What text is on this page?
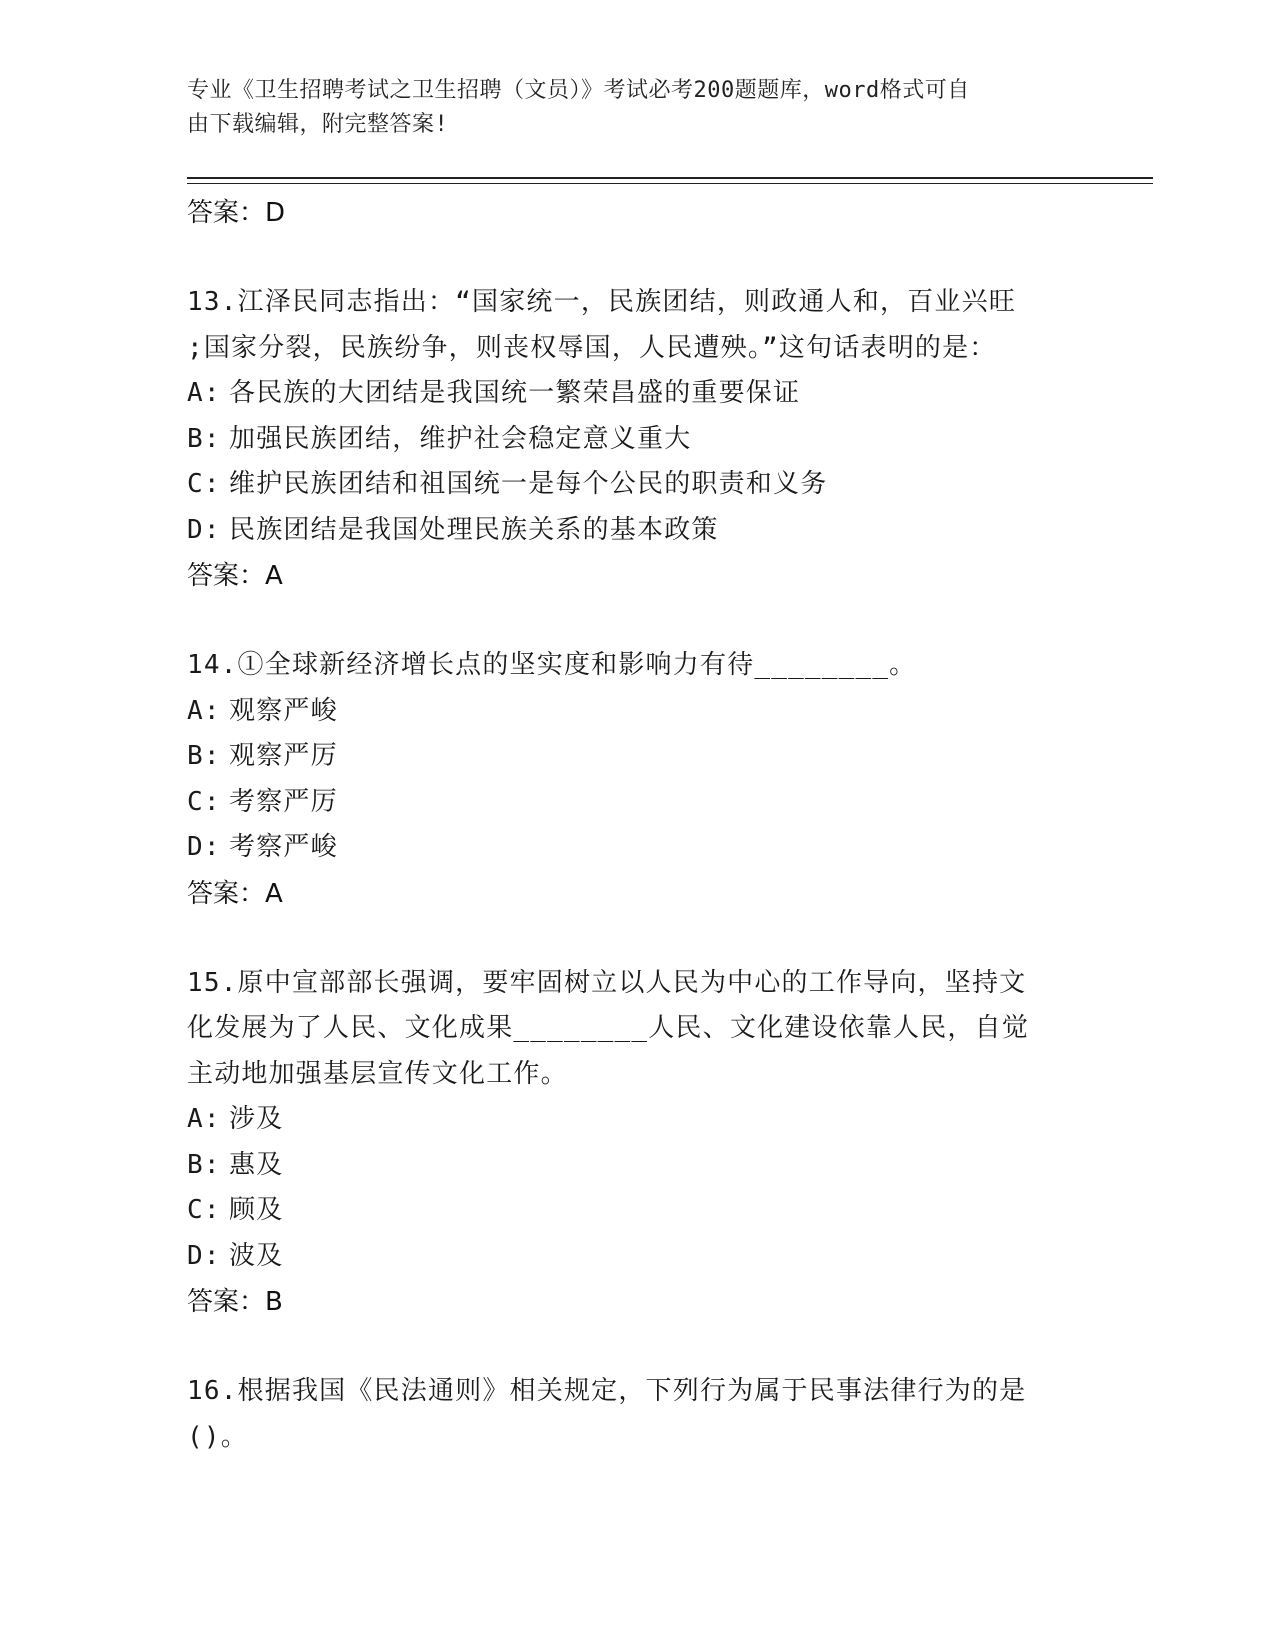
专业《卫生招聘考试之卫生招聘（文员）》考试必考200题题库，word格式可自
由下载编辑，附完整答案!
答案：D
13.江泽民同志指出：“国家统一，民族团结，则政通人和，百业兴旺
;国家分裂，民族纷争，则丧权辱国，人民遭殃。”这句话表明的是：
A: 各民族的大团结是我国统一繁荣昌盛的重要保证
B: 加强民族团结，维护社会稳定意义重大
C: 维护民族团结和祖国统一是每个公民的职责和义务
D: 民族团结是我国处理民族关系的基本政策
答案：A
14.①全球新经济增长点的坚实度和影响力有待________。
A: 观察严峻
B: 观察严厉
C: 考察严厉
D: 考察严峻
答案：A
15.原中宣部部长强调，要牢固树立以人民为中心的工作导向，坚持文
化发展为了人民、文化成果________人民、文化建设依靠人民，自觉
主动地加强基层宣传文化工作。
A: 涉及
B: 惠及
C: 顾及
D: 波及
答案：B
16.根据我国《民法通则》相关规定，下列行为属于民事法律行为的是
()。
